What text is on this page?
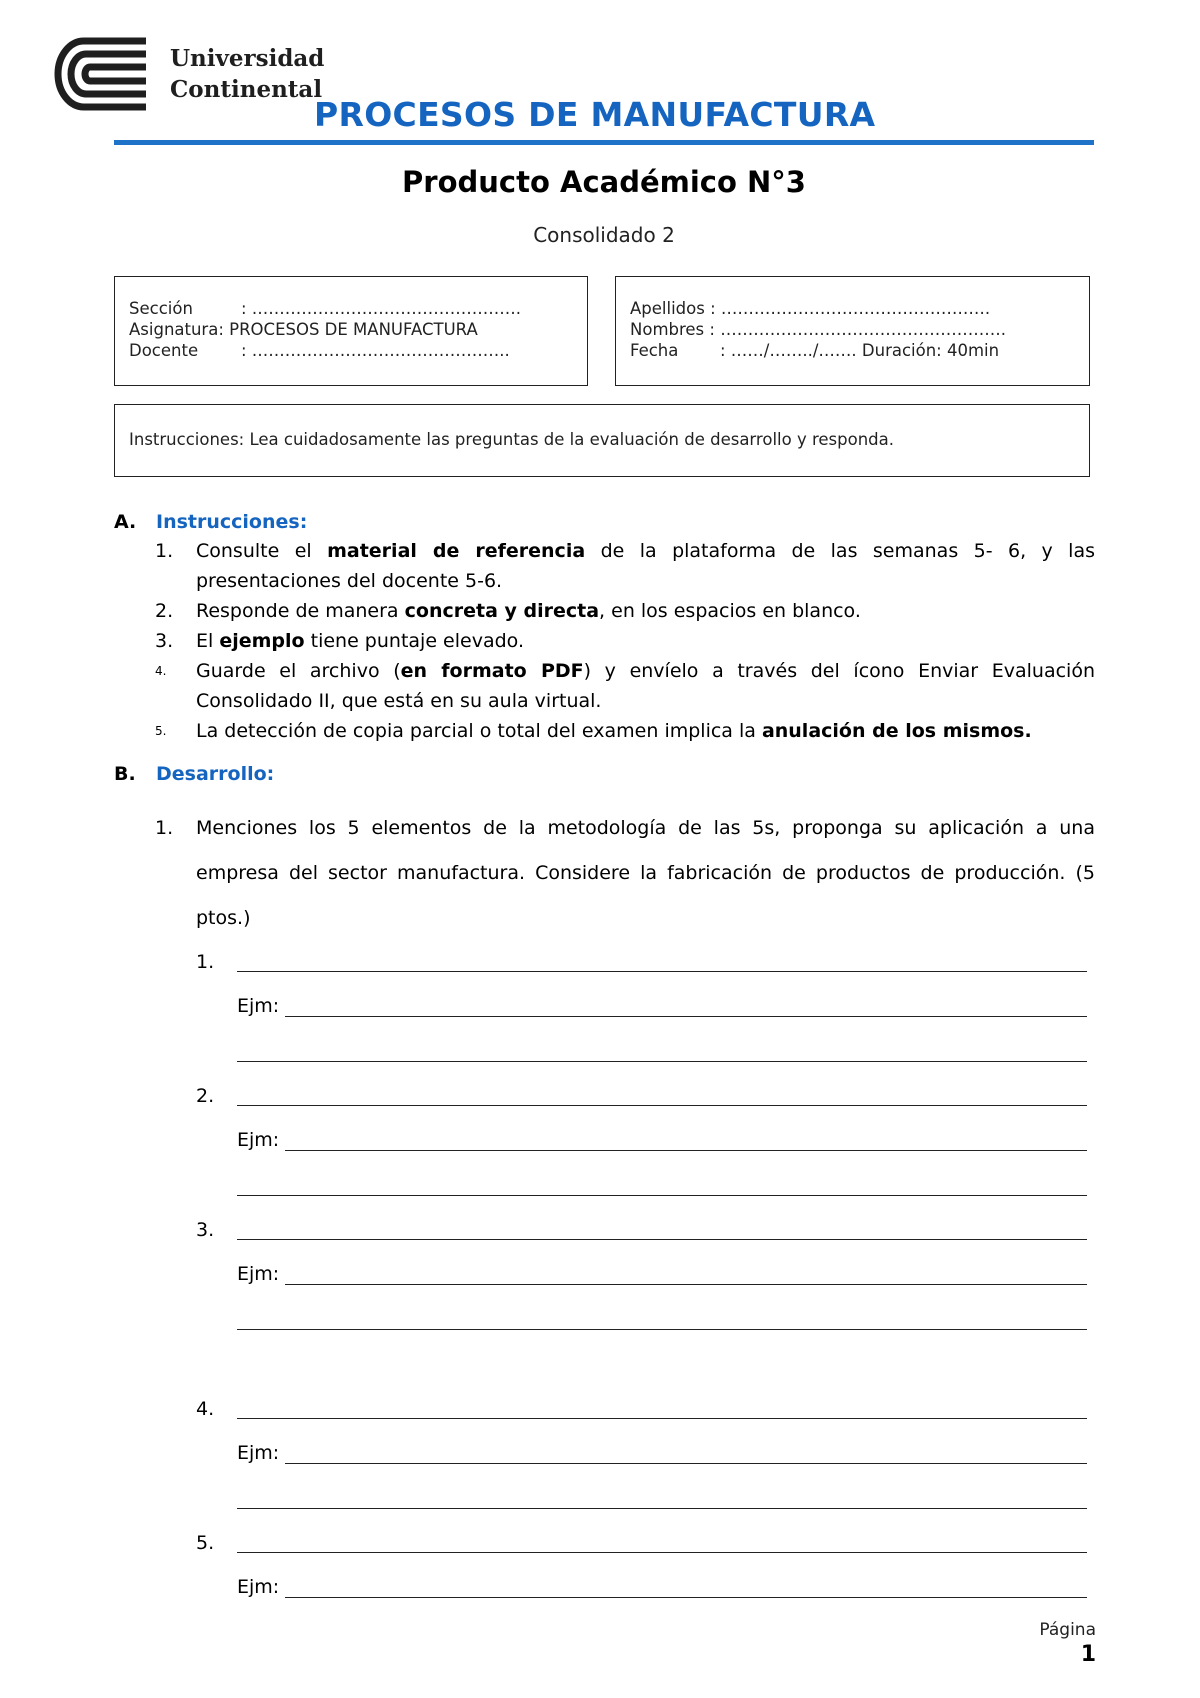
Universidad
Continental
PROCESOS DE MANUFACTURA
Producto Académico N°3
Consolidado 2
Sección	: ………………………………………….
Asignatura : PROCESOS DE MANUFACTURA
Docente	: ………………………………………..
Apellidos
: ………………………………………….
Nombres
: …………………………………………….
Fecha	: ……/……../……. Duración: 40min
Instrucciones: Lea cuidadosamente las preguntas de la evaluación de desarrollo y responda.
A. Instrucciones:
1.	Consulte el material de referencia de la plataforma de las semanas 5- 6, y las presentaciones del docente 5-6.
2.	Responde de manera concreta y directa, en los espacios en blanco.
3.	El ejemplo tiene puntaje elevado.
4.	Guarde el archivo (en formato PDF) y envíelo a través del ícono Enviar Evaluación Consolidado II, que está en su aula virtual.
5.	La detección de copia parcial o total del examen implica la anulación de los mismos.
B. Desarrollo:
1.	Menciones los 5 elementos de la metodología de las 5s, proponga su aplicación a una empresa del sector manufactura. Considere la fabricación de productos de producción. (5 ptos.)
1.
Ejm:
2.
Ejm:
3.
Ejm:
4.
Ejm:
5.
Ejm:
Página
1
